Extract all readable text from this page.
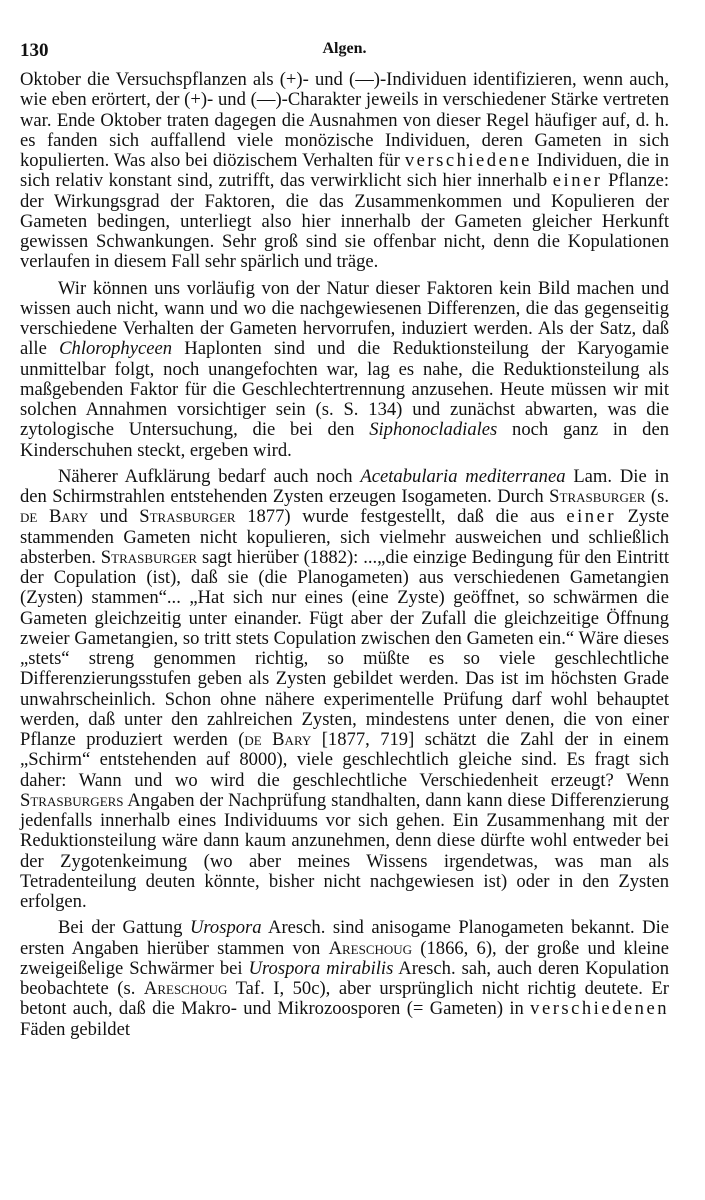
130	Algen.

Oktober die Versuchspflanzen als (+)- und (—)-Individuen identifizieren, wenn auch, wie eben erörtert, der (+)- und (—)-Charakter jeweils in verschiedener Stärke vertreten war. Ende Oktober traten dagegen die Ausnahmen von dieser Regel häufiger auf, d. h. es fanden sich auffallend viele monözische Individuen, deren Gameten in sich kopulierten. Was also bei diözischem Verhalten für verschiedene Individuen, die in sich relativ konstant sind, zutrifft, das verwirklicht sich hier innerhalb einer Pflanze: der Wirkungsgrad der Faktoren, die das Zusammenkommen und Kopulieren der Gameten bedingen, unterliegt also hier innerhalb der Gameten gleicher Herkunft gewissen Schwankungen. Sehr groß sind sie offenbar nicht, denn die Kopulationen verlaufen in diesem Fall sehr spärlich und träge.

Wir können uns vorläufig von der Natur dieser Faktoren kein Bild machen und wissen auch nicht, wann und wo die nachgewiesenen Differenzen, die das gegenseitig verschiedene Verhalten der Gameten hervorrufen, induziert werden. Als der Satz, daß alle Chlorophyceen Haplonten sind und die Reduktionsteilung der Karyogamie unmittelbar folgt, noch unangefochten war, lag es nahe, die Reduktionsteilung als maßgebenden Faktor für die Geschlechtertrennung anzusehen. Heute müssen wir mit solchen Annahmen vorsichtiger sein (s. S. 134) und zunächst abwarten, was die zytologische Untersuchung, die bei den Siphonocladiales noch ganz in den Kinderschuhen steckt, ergeben wird.

Näherer Aufklärung bedarf auch noch Acetabularia mediterranea Lam. Die in den Schirmstrahlen entstehenden Zysten erzeugen Isogameten. Durch Strasburger (s. de Bary und Strasburger 1877) wurde festgestellt, daß die aus einer Zyste stammenden Gameten nicht kopulieren, sich vielmehr ausweichen und schließlich absterben. Strasburger sagt hierüber (1882): ...„die einzige Bedingung für den Eintritt der Copulation (ist), daß sie (die Planogameten) aus verschiedenen Gametangien (Zysten) stammen“... „Hat sich nur eines (eine Zyste) geöffnet, so schwärmen die Gameten gleichzeitig unter einander. Fügt aber der Zufall die gleichzeitige Öffnung zweier Gametangien, so tritt stets Copulation zwischen den Gameten ein.“ Wäre dieses „stets“ streng genommen richtig, so müßte es so viele geschlechtliche Differenzierungsstufen geben als Zysten gebildet werden. Das ist im höchsten Grade unwahrscheinlich. Schon ohne nähere experimentelle Prüfung darf wohl behauptet werden, daß unter den zahlreichen Zysten, mindestens unter denen, die von einer Pflanze produziert werden (de Bary [1877, 719] schätzt die Zahl der in einem „Schirm“ entstehenden auf 8000), viele geschlechtlich gleiche sind. Es fragt sich daher: Wann und wo wird die geschlechtliche Verschiedenheit erzeugt? Wenn Strasburgers Angaben der Nachprüfung standhalten, dann kann diese Differenzierung jedenfalls innerhalb eines Individuums vor sich gehen. Ein Zusammenhang mit der Reduktionsteilung wäre dann kaum anzunehmen, denn diese dürfte wohl entweder bei der Zygotenkeimung (wo aber meines Wissens irgendetwas, was man als Tetradenteilung deuten könnte, bisher nicht nachgewiesen ist) oder in den Zysten erfolgen.

Bei der Gattung Urospora Aresch. sind anisogame Planogameten bekannt. Die ersten Angaben hierüber stammen von Areschoug (1866, 6), der große und kleine zweigeißelige Schwärmer bei Urospora mirabilis Aresch. sah, auch deren Kopulation beobachtete (s. Areschoug Taf. I, 50c), aber ursprünglich nicht richtig deutete. Er betont auch, daß die Makro- und Mikrozoosporen (= Gameten) in verschiedenen Fäden gebildet
